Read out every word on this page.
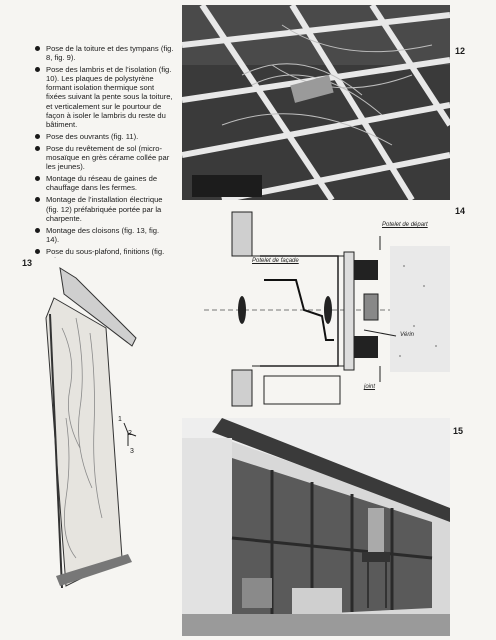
Pose de la toiture et des tympans (fig. 8, fig. 9).
Pose des lambris et de l’isolation (fig. 10). Les plaques de polystyrène formant isolation thermique sont fixées suivant la pente sous la toiture, et verticalement sur le pourtour de façon à isoler le lambris du reste du bâtiment.
Pose des ouvrants (fig. 11).
Pose du revêtement de sol (micro-mosaïque en grès cérame collée par les jeunes).
Montage du réseau de gaines de chauffage dans les fermes.
Montage de l’installation électrique (fig. 12) préfabriquée portée par la charpente.
Montage des cloisons (fig. 13, fig. 14).
Pose du sous-plafond, finitions (fig.
12
Potelet de façade
Potelet de départ
Vérin
joint
14
13
1
2
3
15
